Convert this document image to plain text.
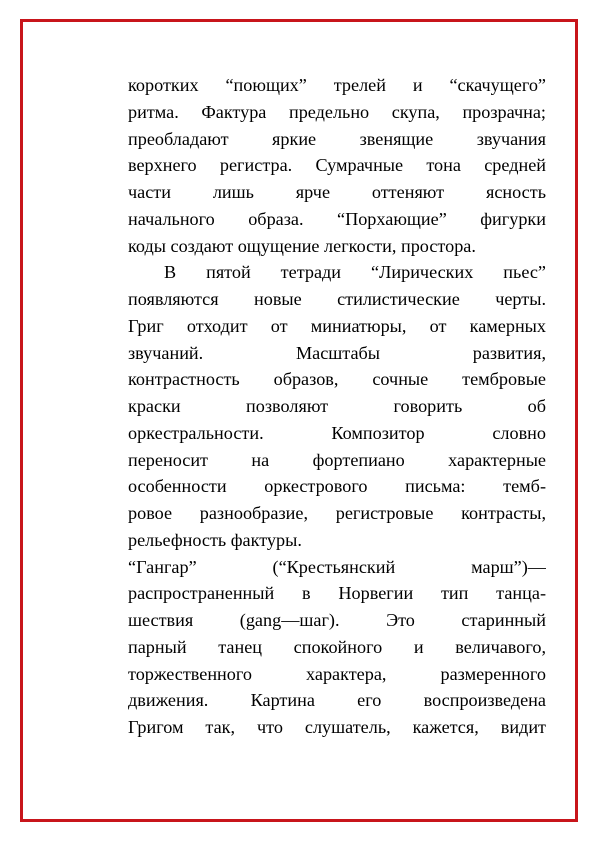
коротких “поющих” трелей и “скачущего”
ритма. Фактура предельно скупа, прозрачна;
преобладают яркие звенящие звучания
верхнего регистра. Сумрачные тона средней
части лишь ярче оттеняют ясность
начального образа. “Порхающие” фигурки
коды создают ощущение легкости, простора.
В пятой тетради “Лирических пьес”
появляются новые стилистические черты.
Григ отходит от миниатюры, от камерных
звучаний. Масштабы развития,
контрастность образов, сочные тембровые
краски позволяют говорить об
оркестральности. Композитор словно
переносит на фортепиано характерные
особенности оркестрового письма: темб-
ровое разнообразие, регистровые контрасты,
рельефность фактуры.
“Гангар” (“Крестьянский марш”)—
распространенный в Норвегии тип танца-
шествия (gang—шаг). Это старинный
парный танец спокойного и величавого,
торжественного характера, размеренного
движения. Картина его воспроизведена
Григом так, что слушатель, кажется, видит
